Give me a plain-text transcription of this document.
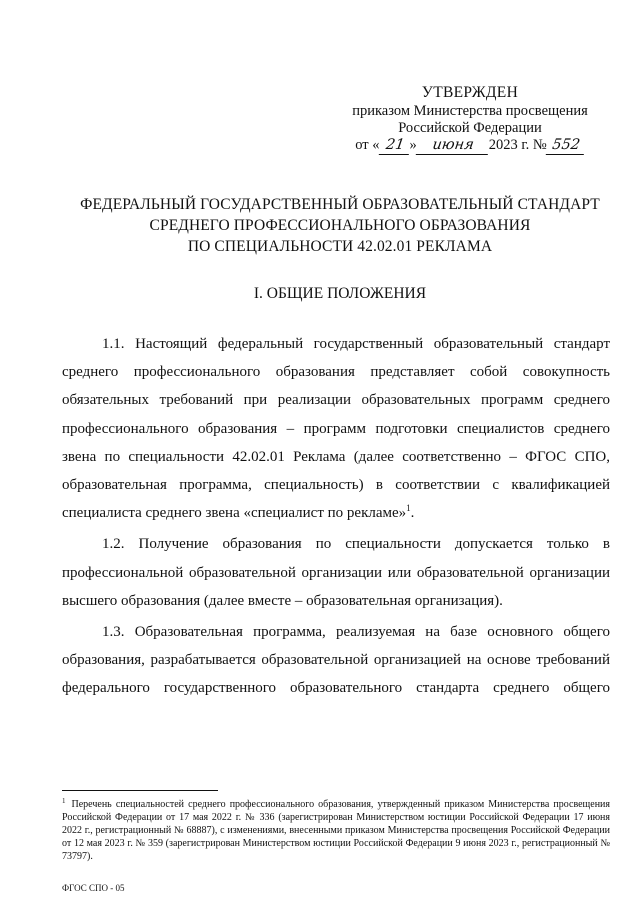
УТВЕРЖДЕН
приказом Министерства просвещения
Российской Федерации
от « 21 » июня 2023 г. № 552
ФЕДЕРАЛЬНЫЙ ГОСУДАРСТВЕННЫЙ ОБРАЗОВАТЕЛЬНЫЙ СТАНДАРТ
СРЕДНЕГО ПРОФЕССИОНАЛЬНОГО ОБРАЗОВАНИЯ
ПО СПЕЦИАЛЬНОСТИ 42.02.01 РЕКЛАМА
I. ОБЩИЕ ПОЛОЖЕНИЯ

1.1. Настоящий федеральный государственный образовательный стандарт среднего профессионального образования представляет собой совокупность обязательных требований при реализации образовательных программ среднего профессионального образования – программ подготовки специалистов среднего звена по специальности 42.02.01 Реклама (далее соответственно – ФГОС СПО, образовательная программа, специальность) в соответствии с квалификацией специалиста среднего звена «специалист по рекламе»$^1$.

1.2. Получение образования по специальности допускается только в профессиональной образовательной организации или образовательной организации высшего образования (далее вместе – образовательная организация).

1.3. Образовательная программа, реализуемая на базе основного общего образования, разрабатывается образовательной организацией на основе требований федерального государственного образовательного стандарта среднего общего

$^1$ Перечень специальностей среднего профессионального образования, утвержденный приказом Министерства просвещения Российской Федерации от 17 мая 2022 г. № 336 (зарегистрирован Министерством юстиции Российской Федерации 17 июня 2022 г., регистрационный № 68887), с изменениями, внесенными приказом Министерства просвещения Российской Федерации от 12 мая 2023 г. № 359 (зарегистрирован Министерством юстиции Российской Федерации 9 июня 2023 г., регистрационный № 73797).
ФГОС СПО - 05
